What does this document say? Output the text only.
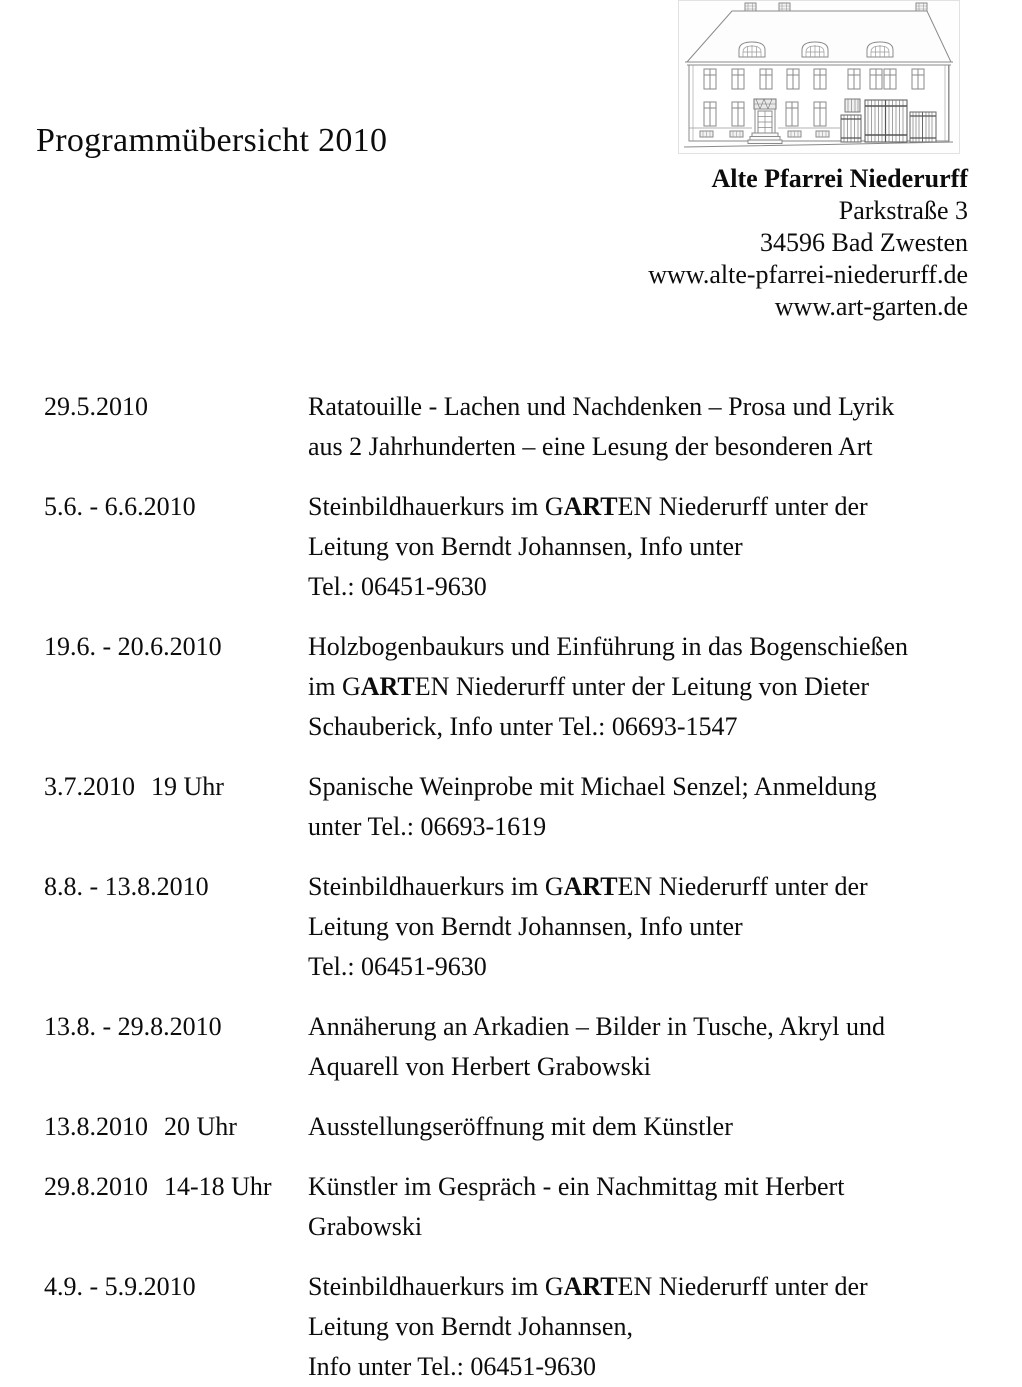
Programmübersicht 2010
Alte Pfarrei Niederurff
Parkstraße 3
34596 Bad Zwesten
www.alte-pfarrei-niederurff.de
www.art-garten.de
29.5.2010	Ratatouille - Lachen und Nachdenken – Prosa und Lyrik
aus 2 Jahrhunderten – eine Lesung der besonderen Art
5.6. - 6.6.2010	Steinbildhauerkurs im GARTEN Niederurff unter der
Leitung von Berndt Johannsen, Info unter
Tel.: 06451-9630
19.6. - 20.6.2010	Holzbogenbaukurs und Einführung in das Bogenschießen
im GARTEN Niederurff unter der Leitung von Dieter
Schauberick, Info unter Tel.: 06693-1547
3.7.2010 19 Uhr	Spanische Weinprobe mit Michael Senzel; Anmeldung
unter Tel.: 06693-1619
8.8. - 13.8.2010	Steinbildhauerkurs im GARTEN Niederurff unter der
Leitung von Berndt Johannsen, Info unter
Tel.: 06451-9630
13.8. - 29.8.2010	Annäherung an Arkadien – Bilder in Tusche, Akryl und
Aquarell von Herbert Grabowski
13.8.2010 20 Uhr	Ausstellungseröffnung mit dem Künstler
29.8.2010 14-18 Uhr	Künstler im Gespräch - ein Nachmittag mit Herbert
Grabowski
4.9. - 5.9.2010	Steinbildhauerkurs im GARTEN Niederurff unter der
Leitung von Berndt Johannsen,
Info unter Tel.: 06451-9630
